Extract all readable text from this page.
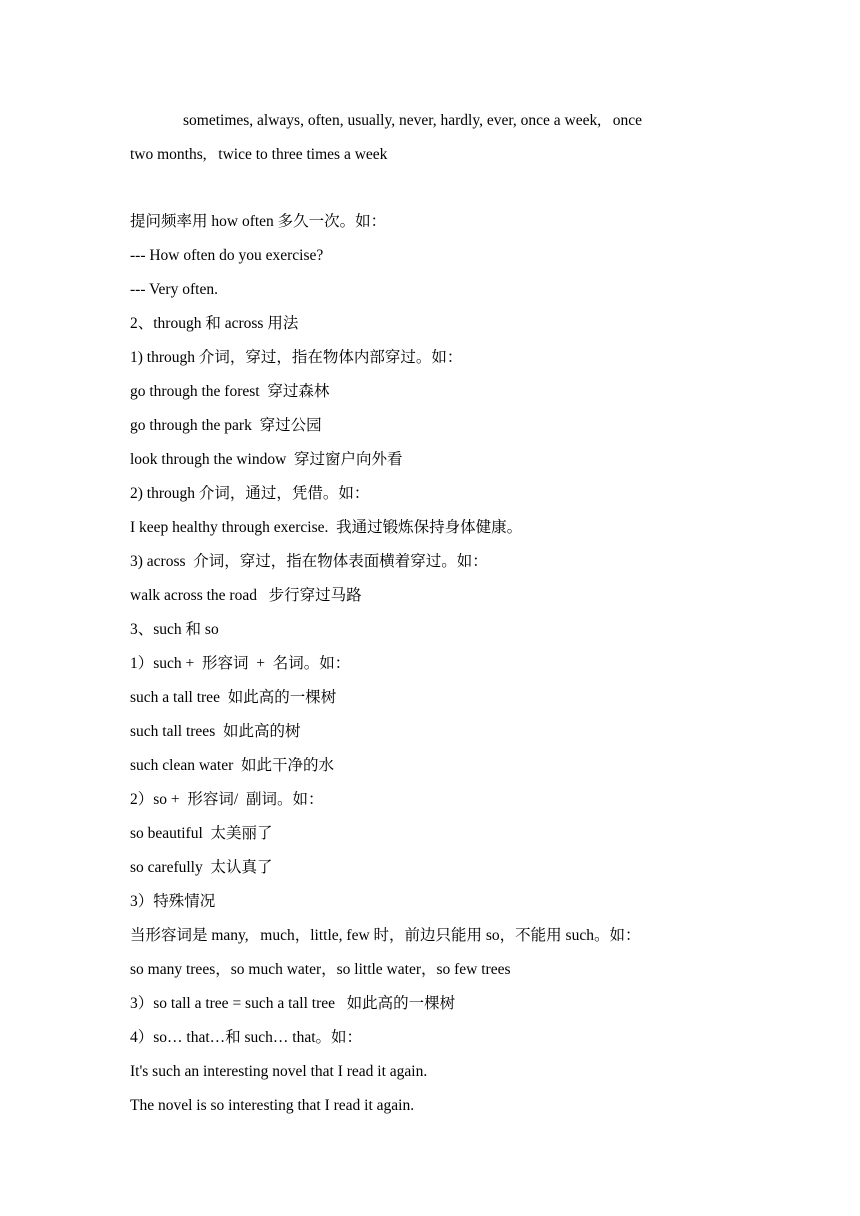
sometimes, always, often, usually, never, hardly, ever, once a week,   once

two months,   twice to three times a week

提问频率用 how often 多久一次。如：

--- How often do you exercise?

--- Very often.

2、through 和 across 用法

1) through 介词，穿过，指在物体内部穿过。如：

go through the forest  穿过森林

go through the park  穿过公园

look through the window  穿过窗户向外看

2) through 介词，通过，凭借。如：

I keep healthy through exercise.  我通过锻炼保持身体健康。

3) across  介词，穿过，指在物体表面横着穿过。如：

walk across the road   步行穿过马路

3、such 和 so

1）such +  形容词  +  名词。如：

such a tall tree  如此高的一棵树

such tall trees  如此高的树

such clean water  如此干净的水

2）so +  形容词/  副词。如：

so beautiful  太美丽了

so carefully  太认真了

3）特殊情况

当形容词是 many,   much，little, few 时，前边只能用 so，不能用 such。如：

so many trees，so much water，so little water，so few trees

3）so tall a tree = such a tall tree   如此高的一棵树

4）so… that…和 such… that。如：

It's such an interesting novel that I read it again.

The novel is so interesting that I read it again.
